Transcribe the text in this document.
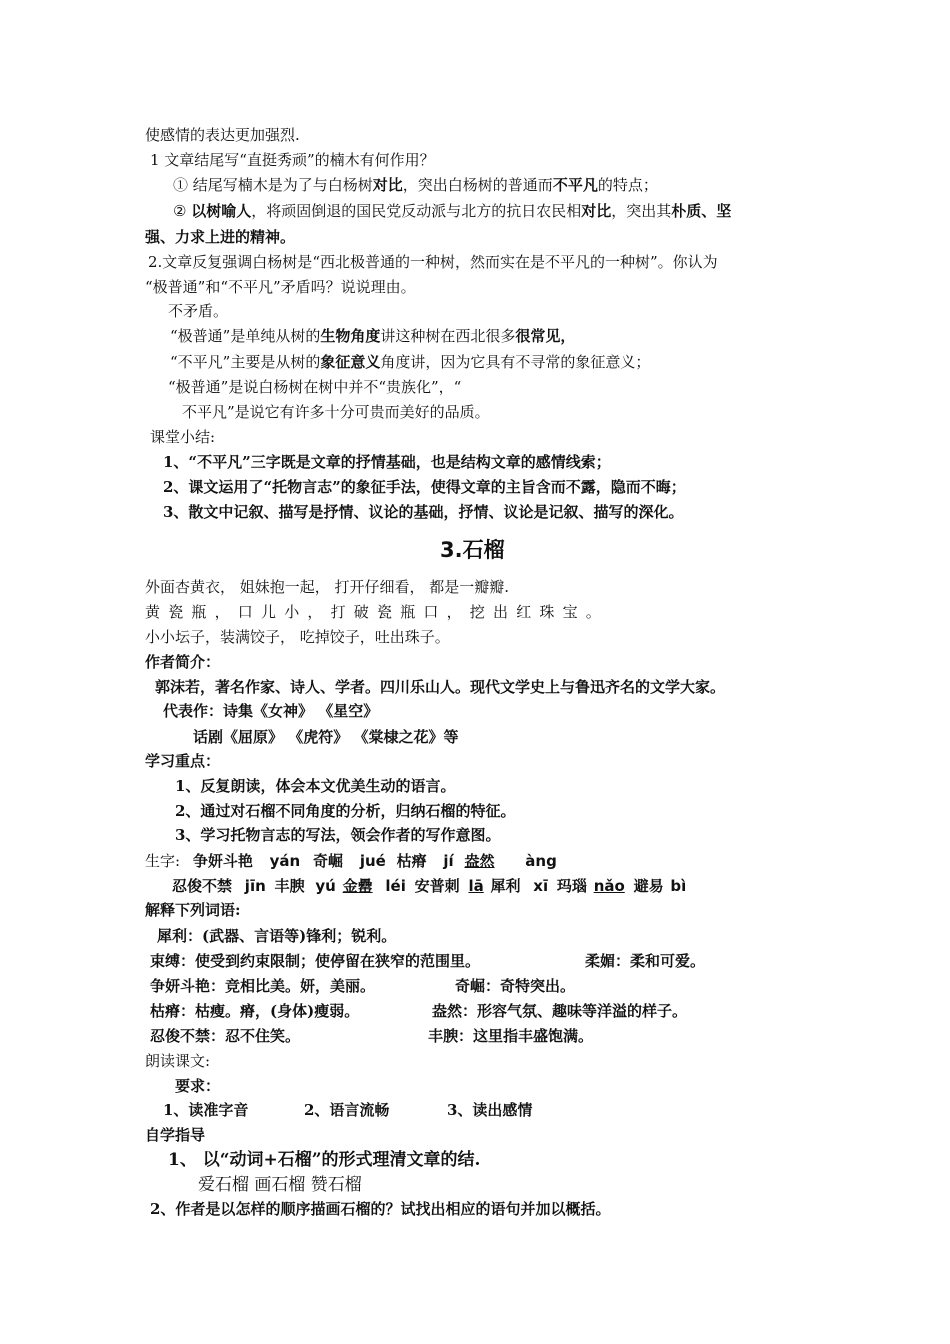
使感情的表达更加强烈.
1 文章结尾写“直挺秀顽”的楠木有何作用？
① 结尾写楠木是为了与白杨树对比，突出白杨树的普通而不平凡的特点；
② 以树喻人，将顽固倒退的国民党反动派与北方的抗日农民相对比，突出其朴质、坚
强、力求上进的精神。
2.文章反复强调白杨树是“西北极普通的一种树，然而实在是不平凡的一种树”。你认为
“极普通”和“不平凡”矛盾吗？说说理由。
不矛盾。
“极普通”是单纯从树的生物角度讲这种树在西北很多很常见，
“不平凡”主要是从树的象征意义角度讲，因为它具有不寻常的象征意义；
“极普通”是说白杨树在树中并不“贵族化”，“
不平凡”是说它有许多十分可贵而美好的品质。
课堂小结:
1、“不平凡”三字既是文章的抒情基础，也是结构文章的感情线索；
2、课文运用了“托物言志”的象征手法，使得文章的主旨含而不露，隐而不晦；
3、散文中记叙、描写是抒情、议论的基础，抒情、议论是记叙、描写的深化。
3.石榴
外面杏黄衣， 姐妹抱一起， 打开仔细看， 都是一瓣瓣.
黄瓷瓶，口儿小，打破瓷瓶口，挖出红珠宝。
小小坛子，装满饺子， 吃掉饺子，吐出珠子。
作者简介：
郭沫若，著名作家、诗人、学者。四川乐山人。现代文学史上与鲁迅齐名的文学大家。
代表作：诗集《女神》 《星空》
话剧《屈原》 《虎符》 《棠棣之花》等
学习重点：
1、反复朗读，体会本文优美生动的语言。
2、通过对石榴不同角度的分析，归纳石榴的特征。
3、学习托物言志的写法，领会作者的写作意图。
生字: 争妍斗艳 yán 奇崛 jué 枯瘠 jí 盎然 àng
忍俊不禁 jīn 丰腴 yú 金罍 léi 安普刺 lā 犀利 xī 玛瑙 nǎo 避易 bì
解释下列词语:
犀利：(武器、言语等)锋利；锐利。
束缚：使受到约束限制；使停留在狭窄的范围里。	柔媚：柔和可爱。
争妍斗艳：竞相比美。妍，美丽。	奇崛：奇特突出。
枯瘠：枯瘦。瘠，(身体)瘦弱。	盎然：形容气氛、趣味等洋溢的样子。
忍俊不禁：忍不住笑。	丰腴：这里指丰盛饱满。
朗读课文:
要求：
1、读准字音	2、语言流畅	3、读出感情
自学指导
1、 以“动词+石榴”的形式理清文章的结.
爱石榴 画石榴 赞石榴
2、作者是以怎样的顺序描画石榴的？试找出相应的语句并加以概括。
